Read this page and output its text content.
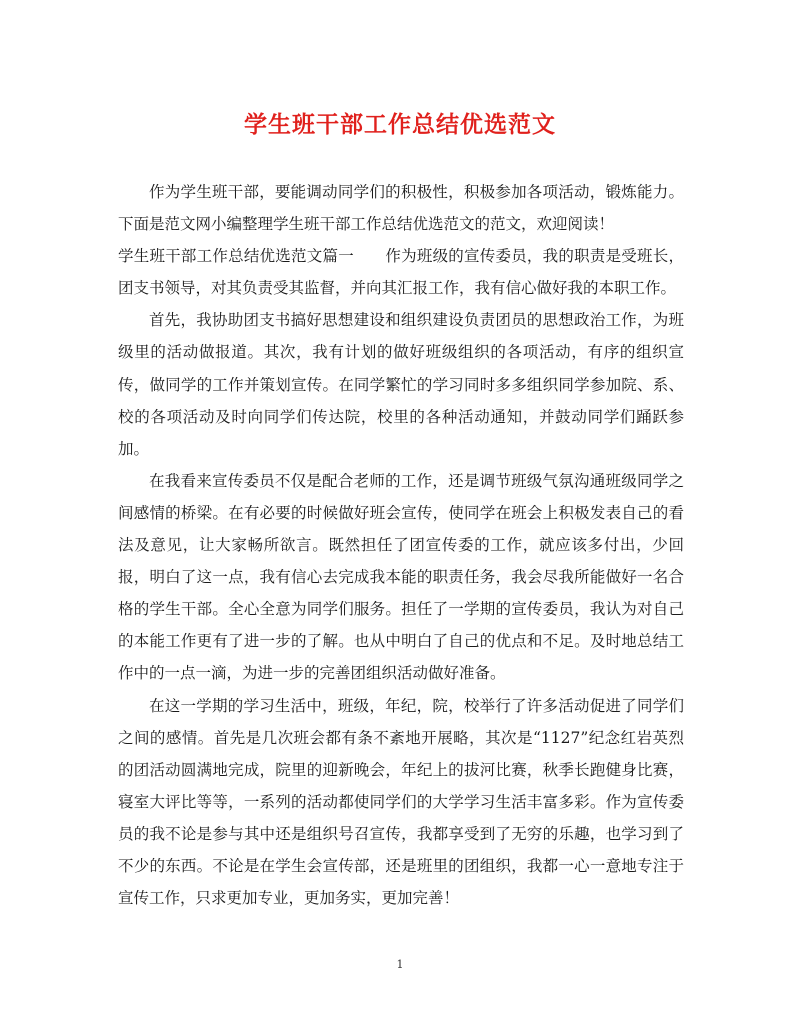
学生班干部工作总结优选范文

作为学生班干部，要能调动同学们的积极性，积极参加各项活动，锻炼能力。下面是范文网小编整理学生班干部工作总结优选范文的范文，欢迎阅读！

学生班干部工作总结优选范文篇一　　作为班级的宣传委员，我的职责是受班长，团支书领导，对其负责受其监督，并向其汇报工作，我有信心做好我的本职工作。

首先，我协助团支书搞好思想建设和组织建设负责团员的思想政治工作，为班级里的活动做报道。其次，我有计划的做好班级组织的各项活动，有序的组织宣传，做同学的工作并策划宣传。在同学繁忙的学习同时多多组织同学参加院、系、校的各项活动及时向同学们传达院，校里的各种活动通知，并鼓动同学们踊跃参加。

在我看来宣传委员不仅是配合老师的工作，还是调节班级气氛沟通班级同学之间感情的桥梁。在有必要的时候做好班会宣传，使同学在班会上积极发表自己的看法及意见，让大家畅所欲言。既然担任了团宣传委的工作，就应该多付出，少回报，明白了这一点，我有信心去完成我本能的职责任务，我会尽我所能做好一名合格的学生干部。全心全意为同学们服务。担任了一学期的宣传委员，我认为对自己的本能工作更有了进一步的了解。也从中明白了自己的优点和不足。及时地总结工作中的一点一滴，为进一步的完善团组织活动做好准备。

在这一学期的学习生活中，班级，年纪，院，校举行了许多活动促进了同学们之间的感情。首先是几次班会都有条不紊地开展略，其次是“1127”纪念红岩英烈的团活动圆满地完成，院里的迎新晚会，年纪上的拔河比赛，秋季长跑健身比赛，寝室大评比等等，一系列的活动都使同学们的大学学习生活丰富多彩。作为宣传委员的我不论是参与其中还是组织号召宣传，我都享受到了无穷的乐趣，也学习到了不少的东西。不论是在学生会宣传部，还是班里的团组织，我都一心一意地专注于宣传工作，只求更加专业，更加务实，更加完善！

1
